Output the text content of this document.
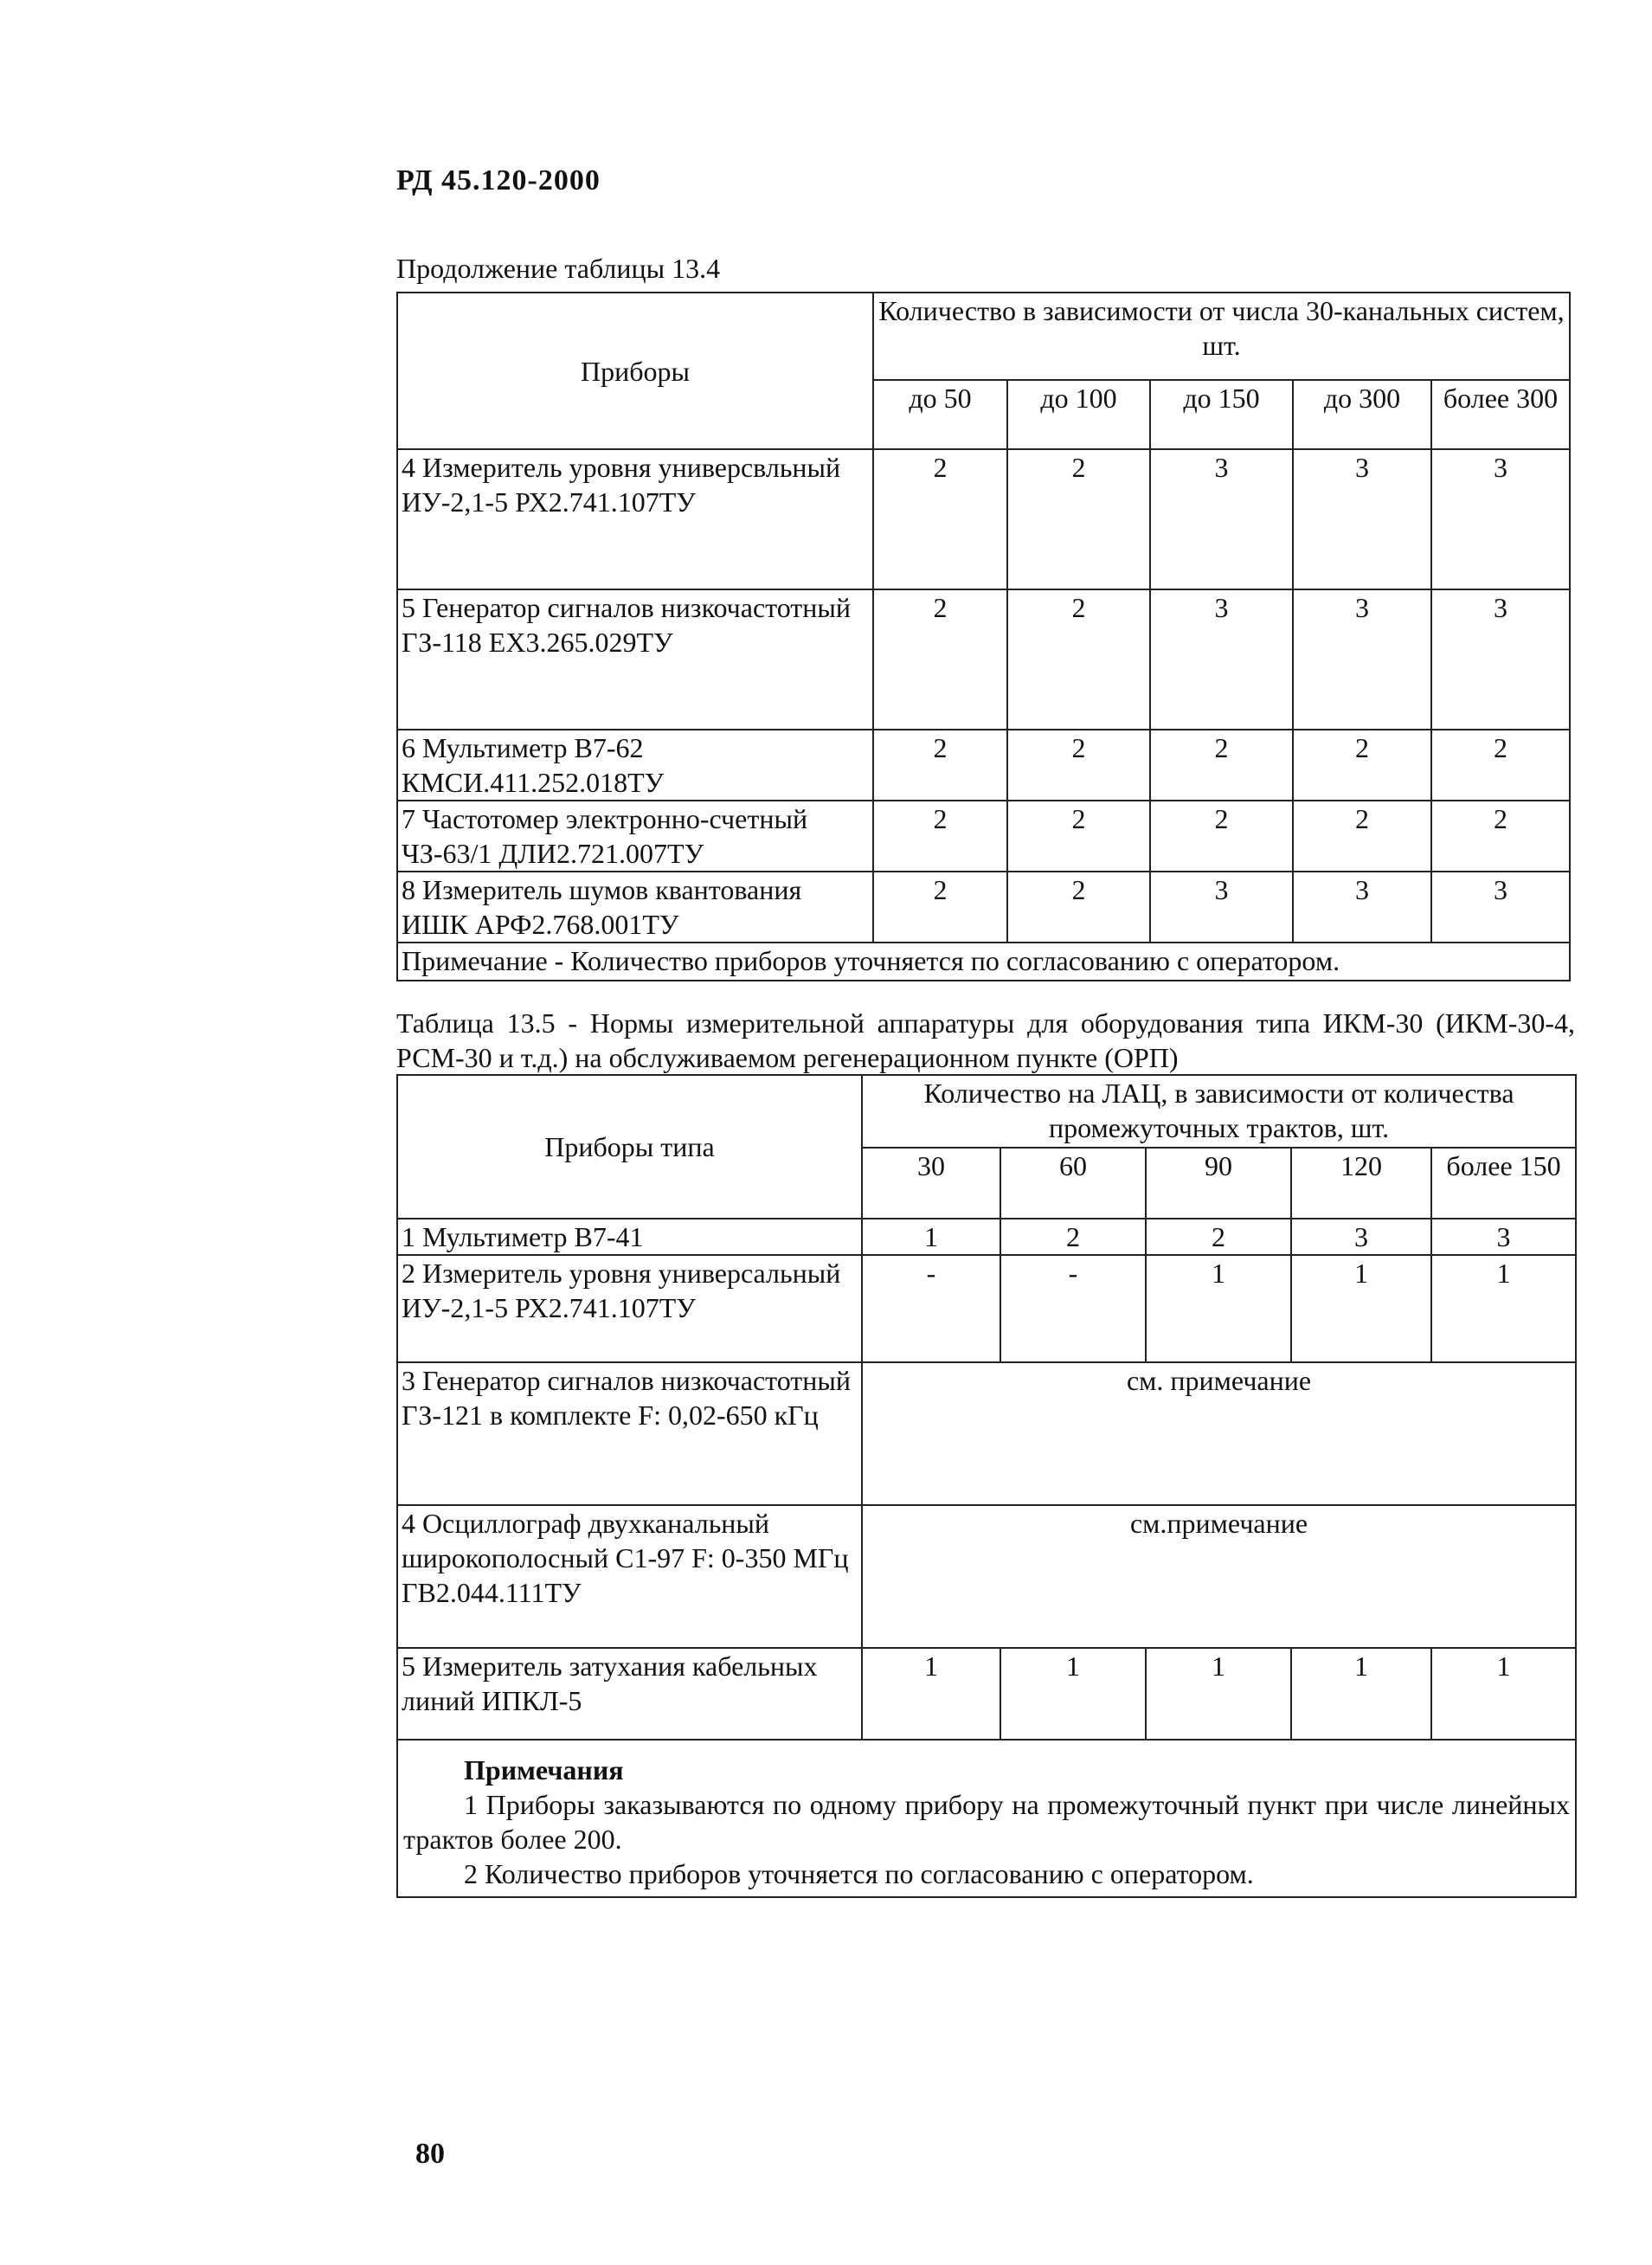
РД 45.120-2000
Продолжение таблицы 13.4
Приборы	Количество в зависимости от числа 30-канальных систем, шт.				
	до 50	до 100	до 150	до 300	более 300
4 Измеритель уровня универсвльный ИУ-2,1-5 РХ2.741.107ТУ	2	2	3	3	3
5 Генератор сигналов низкочастотный ГЗ-118 ЕХ3.265.029ТУ	2	2	3	3	3
6 Мультиметр В7-62 КМСИ.411.252.018ТУ	2	2	2	2	2
7 Частотомер электронно-счетный ЧЗ-63/1 ДЛИ2.721.007ТУ	2	2	2	2	2
8 Измеритель шумов квантования ИШК АРФ2.768.001ТУ	2	2	3	3	3
Примечание - Количество приборов уточняется по согласованию с оператором.					
Таблица 13.5 - Нормы измерительной аппаратуры для оборудования типа ИКМ-30 (ИКМ-30-4, РСМ-30 и т.д.) на обслуживаемом регенерационном пункте (ОРП)
Приборы типа	Количество на ЛАЦ, в зависимости от количества промежуточных трактов, шт.				
	30	60	90	120	более 150
1 Мультиметр В7-41	1	2	2	3	3
2 Измеритель уровня универсальный ИУ-2,1-5 РХ2.741.107ТУ	-	-	1	1	1
3 Генератор сигналов низкочастотный ГЗ-121 в комплекте F: 0,02-650 кГц	см. примечание				
4 Осциллограф двухканальный широкополосный С1-97 F: 0-350 МГц ГВ2.044.111ТУ	см.примечание				
5 Измеритель затухания кабельных линий ИПКЛ-5	1	1	1	1	1

Примечания
1 Приборы заказываются по одному прибору на промежуточный пункт при числе линейных трактов более 200.
2 Количество приборов уточняется по согласованию с оператором.					
80
